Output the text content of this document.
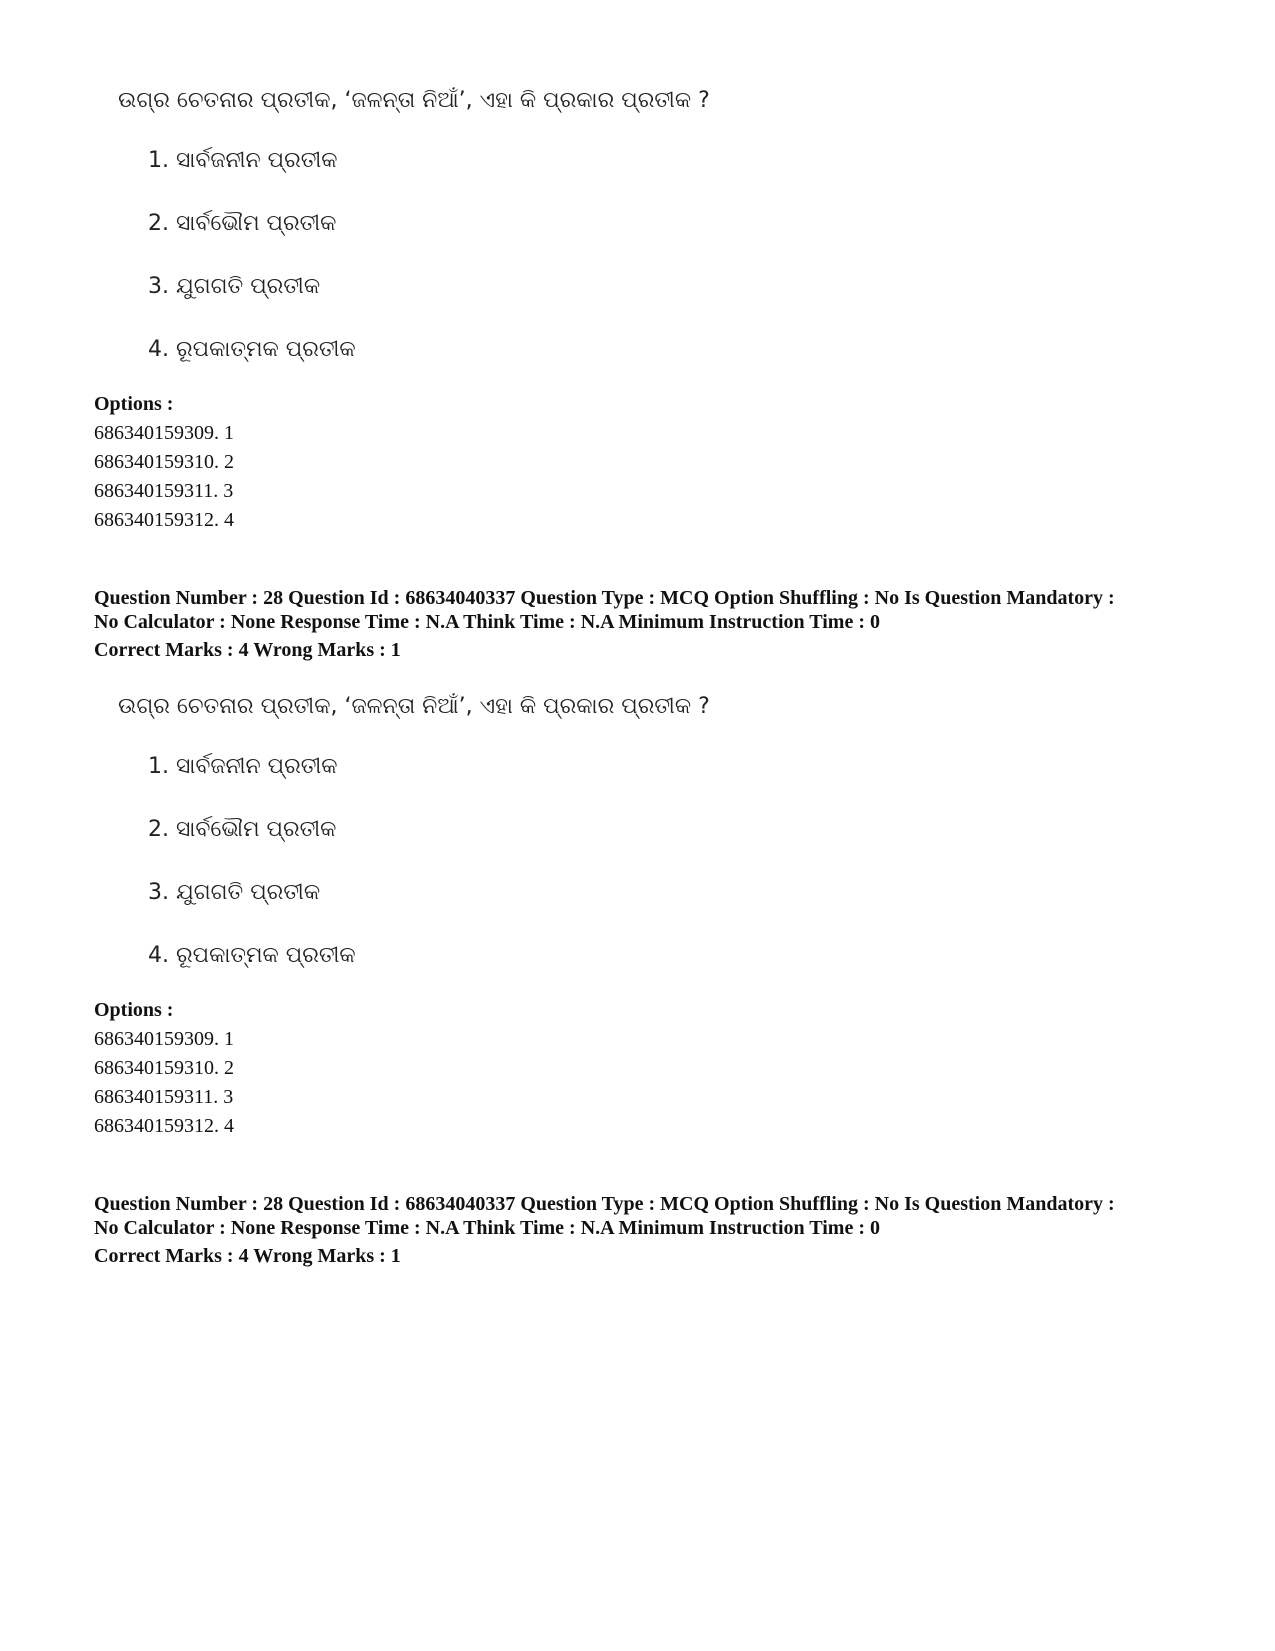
ଉଗ୍ର ଚେତନାର ପ୍ରତୀକ, ‘ଜଳନ୍ତା ନିଆଁ’, ଏହା କି ପ୍ରକାର ପ୍ରତୀକ ?
1. ସାର୍ବଜନୀନ ପ୍ରତୀକ
2. ସାର୍ବଭୌମ ପ୍ରତୀକ
3. ଯୁଗଗତି ପ୍ରତୀକ
4. ରୂପକାତ୍ମକ ପ୍ରତୀକ
Options :
686340159309. 1
686340159310. 2
686340159311. 3
686340159312. 4
Question Number : 28 Question Id : 68634040337 Question Type : MCQ Option Shuffling : No Is Question Mandatory :
No Calculator : None Response Time : N.A Think Time : N.A Minimum Instruction Time : 0
Correct Marks : 4 Wrong Marks : 1
ଉଗ୍ର ଚେତନାର ପ୍ରତୀକ, ‘ଜଳନ୍ତା ନିଆଁ’, ଏହା କି ପ୍ରକାର ପ୍ରତୀକ ?
1. ସାର୍ବଜନୀନ ପ୍ରତୀକ
2. ସାର୍ବଭୌମ ପ୍ରତୀକ
3. ଯୁଗଗତି ପ୍ରତୀକ
4. ରୂପକାତ୍ମକ ପ୍ରତୀକ
Options :
686340159309. 1
686340159310. 2
686340159311. 3
686340159312. 4
Question Number : 28 Question Id : 68634040337 Question Type : MCQ Option Shuffling : No Is Question Mandatory :
No Calculator : None Response Time : N.A Think Time : N.A Minimum Instruction Time : 0
Correct Marks : 4 Wrong Marks : 1
